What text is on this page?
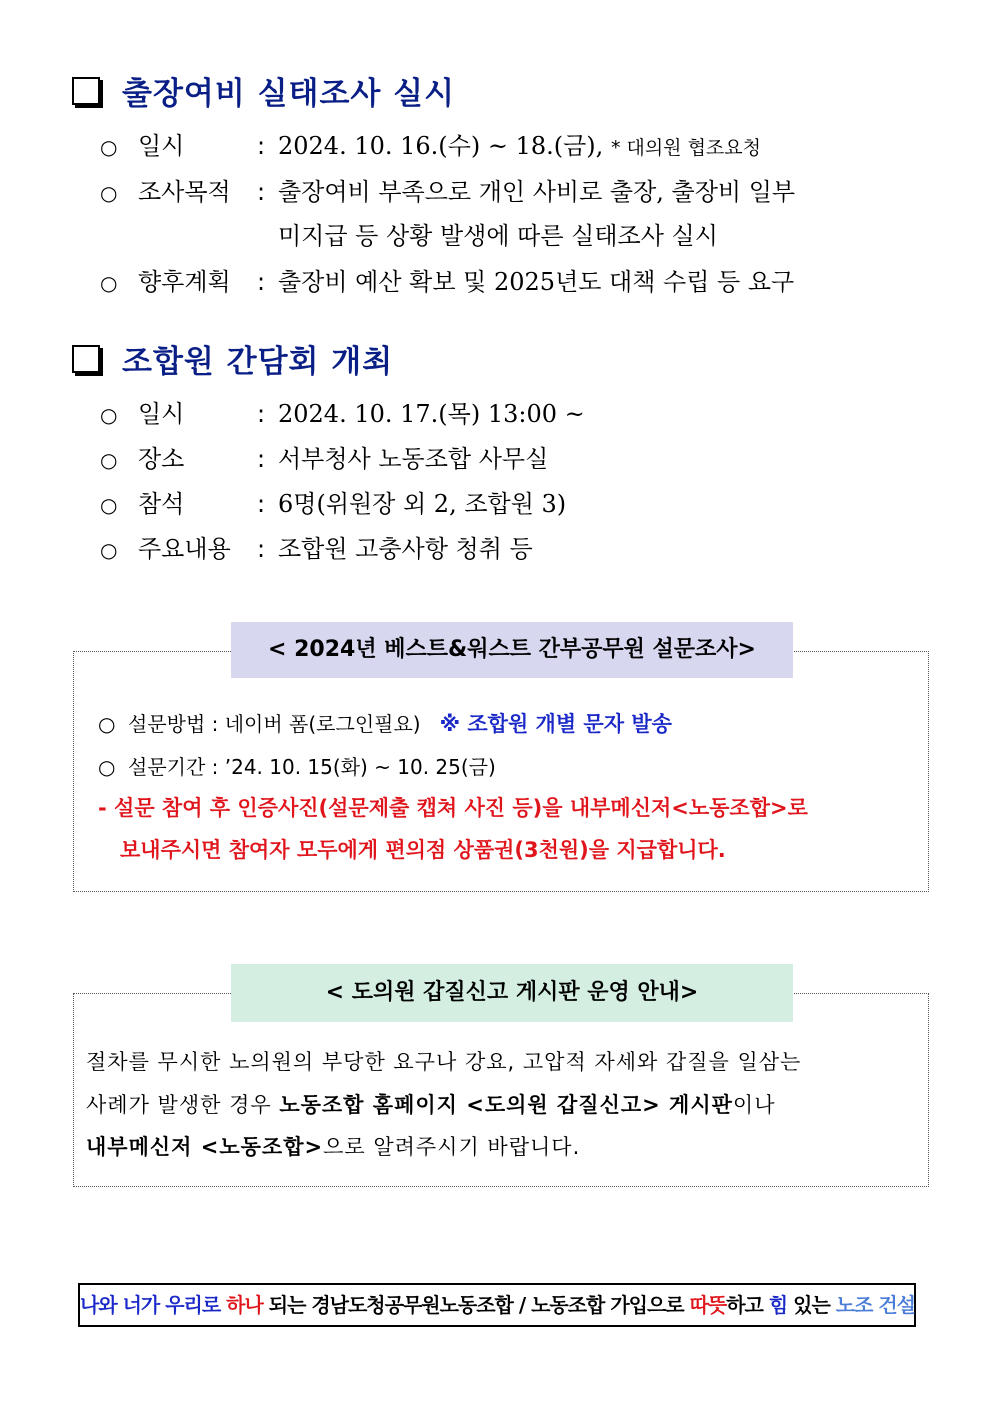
출장여비 실태조사 실시
○ 일시	: 2024. 10. 16.(수) ~ 18.(금), * 대의원 협조요청
○ 조사목적 : 출장여비 부족으로 개인 사비로 출장, 출장비 일부
미지급 등 상황 발생에 따른 실태조사 실시
○ 향후계획 : 출장비 예산 확보 및 2025년도 대책 수립 등 요구
조합원 간담회 개최
○ 일시	: 2024. 10. 17.(목) 13:00 ~
○ 장소	: 서부청사 노동조합 사무실
○ 참석	: 6명(위원장 외 2, 조합원 3)
○ 주요내용 : 조합원 고충사항 청취 등
< 2024년 베스트&워스트 간부공무원 설문조사>
○ 설문방법 : 네이버 폼(로그인필요) ※ 조합원 개별 문자 발송
○ 설문기간 : ’24. 10. 15(화) ~ 10. 25(금)
- 설문 참여 후 인증사진(설문제출 캡쳐 사진 등)을 내부메신저<노동조합>로
보내주시면 참여자 모두에게 편의점 상품권(3천원)을 지급합니다.
< 도의원 갑질신고 게시판 운영 안내>
절차를 무시한 노의원의 부당한 요구나 강요, 고압적 자세와 갑질을 일삼는
사례가 발생한 경우 노동조합 홈페이지 <도의원 갑질신고> 게시판이나
내부메신저 <노동조합>으로 알려주시기 바랍니다.
나와 너가 우리로 하나 되는 경남도청공무원노동조합 / 노동조합 가입으로 따뜻하고 힘 있는 노조 건설
